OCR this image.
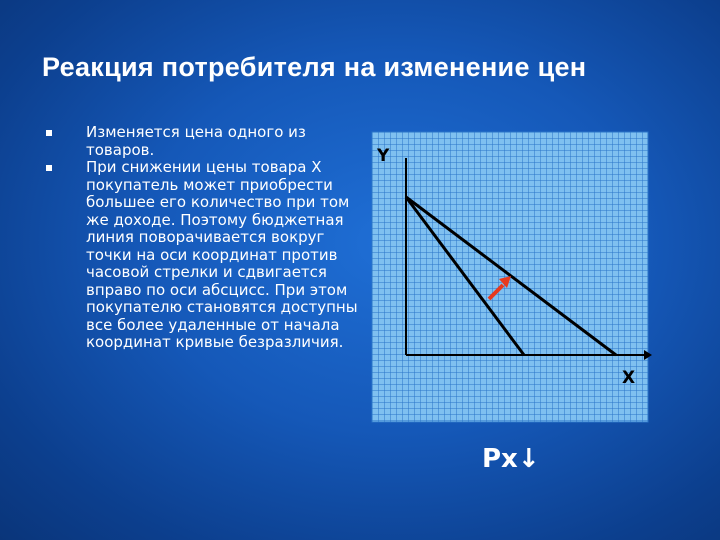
Реакция потребителя на изменение цен
Изменяется цена одного из товаров.
При снижении цены товара Х покупатель может приобрести большее его количество при том же доходе. Поэтому бюджетная линия поворачивается вокруг точки на оси координат против часовой стрелки и сдвигается вправо по оси абсцисс. При этом покупателю становятся доступны все более удаленные от начала координат кривые безразличия.
Y
X
Px↓
